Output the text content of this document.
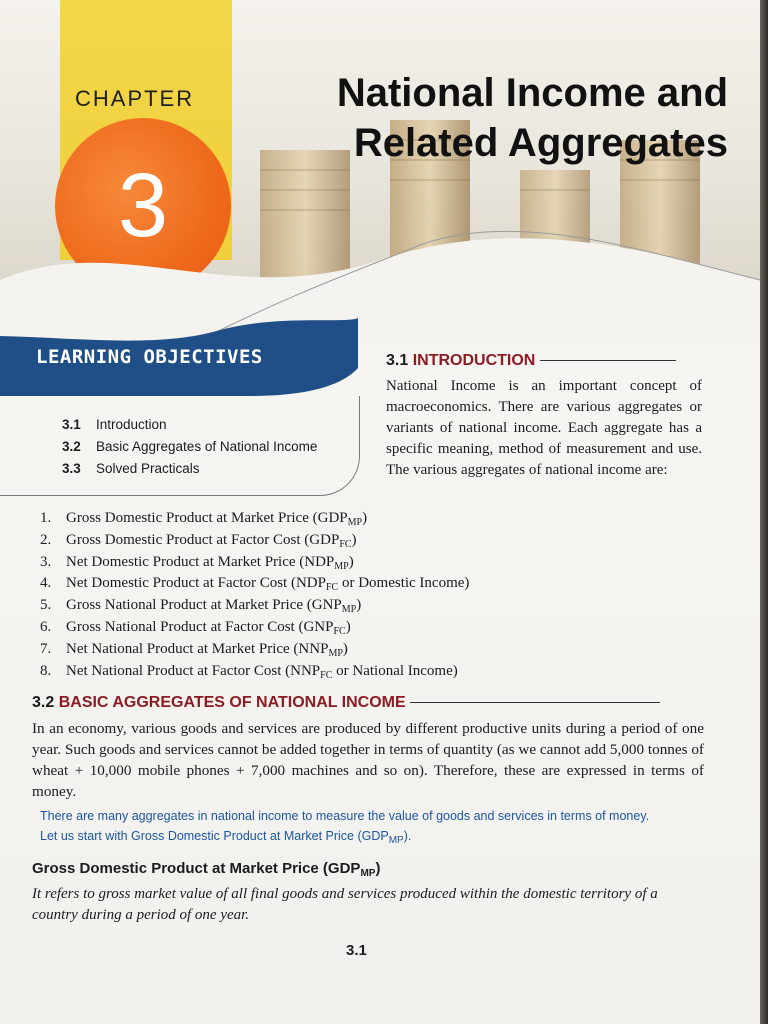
CHAPTER
3
National Income and
Related Aggregates
LEARNING OBJECTIVES
3.1 Introduction
3.2 Basic Aggregates of National Income
3.3 Solved Practicals
3.1 INTRODUCTION
National Income is an important concept of macroeconomics. There are various aggregates or variants of national income. Each aggregate has a specific meaning, method of measurement and use. The various aggregates of national income are:
1. Gross Domestic Product at Market Price $(GDP_{MP})$
2. Gross Domestic Product at Factor Cost $(GDP_{FC})$
3. Net Domestic Product at Market Price $(NDP_{MP})$
4. Net Domestic Product at Factor Cost ($NDP_{FC}$ or Domestic Income)
5. Gross National Product at Market Price $(GNP_{MP})$
6. Gross National Product at Factor Cost $(GNP_{FC})$
7. Net National Product at Market Price $(NNP_{MP})$
8. Net National Product at Factor Cost ($NNP_{FC}$ or National Income)
3.2 BASIC AGGREGATES OF NATIONAL INCOME
In an economy, various goods and services are produced by different productive units during a period of one year. Such goods and services cannot be added together in terms of quantity (as we cannot add 5,000 tonnes of wheat + 10,000 mobile phones + 7,000 machines and so on). Therefore, these are expressed in terms of money.
There are many aggregates in national income to measure the value of goods and services in terms of money.
Let us start with Gross Domestic Product at Market Price $(GDP_{MP})$.
Gross Domestic Product at Market Price $(GDP_{MP})$
It refers to gross market value of all final goods and services produced within the domestic territory of a country during a period of one year.
3.1
